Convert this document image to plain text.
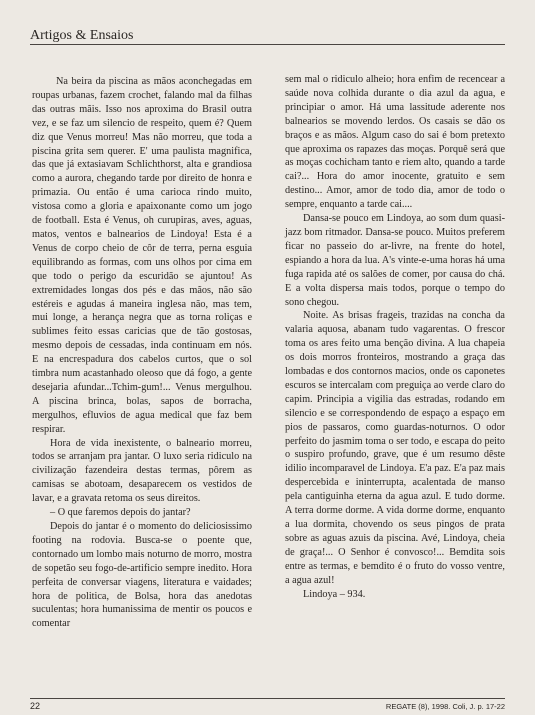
Artigos & Ensaios

Na beira da piscina as mãos aconchegadas em roupas urbanas, fazem crochet, falando mal da filhas das outras mãis. Isso nos aproxima do Brasil outra vez, e se faz um silencio de respeito, quem é? Quem diz que Venus morreu! Mas não morreu, que toda a piscina grita sem querer. E' uma paulista magnifica, das que já extasiavam Schlichthorst, alta e grandiosa como a aurora, chegando tarde por direito de honra e primazia. Ou então é uma carioca rindo muito, vistosa como a gloria e apaixonante como um jogo de football. Esta é Venus, oh curupiras, aves, aguas, matos, ventos e balnearios de Lindoya! Esta é a Venus de corpo cheio de côr de terra, perna esguia equilibrando as formas, com uns olhos por cima em que todo o perigo da escuridão se ajuntou! As extremidades longas dos pés e das mãos, não são estéreis e agudas á maneira inglesa não, mas tem, mui longe, a herança negra que as torna roliças e sublimes feito essas caricias que de tão gostosas, mesmo depois de cessadas, inda continuam em nós. E na encrespadura dos cabelos curtos, que o sol timbra num acastanhado oleoso que dá fogo, a gente desejaria afundar...Tchim-gum!... Venus mergulhou. A piscina brinca, bolas, sapos de borracha, mergulhos, efluvios de agua medical que faz bem respirar.

Hora de vida inexistente, o balneario morreu, todos se arranjam pra jantar. O luxo seria ridiculo na civilização fazendeira destas termas, pôrem as camisas se abotoam, desaparecem os vestidos de lavar, e a gravata retoma os seus direitos.

– O que faremos depois do jantar?

Depois do jantar é o momento do deliciosissimo footing na rodovia. Busca-se o poente que, contornado um lombo mais noturno de morro, mostra de sopetão seu fogo-de-artificio sempre inedito. Hora perfeita de conversar viagens, literatura e vaidades; hora de politica, de Bolsa, hora das anedotas suculentas; hora humanissima de mentir os poucos e comentar

sem mal o ridiculo alheio; hora enfim de recencear a saúde nova colhida durante o dia azul da agua, e principiar o amor. Há uma lassitude aderente nos balnearios se movendo lerdos. Os casais se dão os braços e as mãos. Algum caso do sai é bom pretexto que aproxima os rapazes das moças. Porquê será que as moças cochicham tanto e riem alto, quando a tarde cai?... Hora do amor inocente, gratuito e sem destino... Amor, amor de todo dia, amor de todo o sempre, enquanto a tarde cai....

Dansa-se pouco em Lindoya, ao som dum quasi-jazz bom ritmador. Dansa-se pouco. Muitos preferem ficar no passeio do ar-livre, na frente do hotel, espiando a hora da lua. A's vinte-e-uma horas há uma fuga rapida até os salões de comer, por causa do chá. E a volta dispersa mais todos, porque o tempo do sono chegou.

Noite. As brisas frageis, trazidas na concha da valaria aquosa, abanam tudo vagarentas. O frescor toma os ares feito uma benção divina. A lua chapeia os dois morros fronteiros, mostrando a graça das lombadas e dos contornos macios, onde os caponetes escuros se intercalam com preguiça ao verde claro do capim. Principia a vigilia das estradas, rodando em silencio e se correspondendo de espaço a espaço em pios de passaros, como guardas-noturnos. O odor perfeito do jasmim toma o ser todo, e escapa do peito o suspiro profundo, grave, que é um resumo dêste idilio incomparavel de Lindoya. E'a paz. E'a paz mais despercebida e ininterrupta, acalentada de manso pela cantiguinha eterna da agua azul. E tudo dorme. A terra dorme dorme. A vida dorme dorme, enquanto a lua dormita, chovendo os seus pingos de prata sobre as aguas azuis da piscina. Avé, Lindoya, cheia de graça!... O Senhor é convosco!... Bemdita sois entre as termas, e bemdito é o fruto do vosso ventre, a agua azul!

Lindoya – 934.

22	REGATE (8), 1998. Coli, J. p. 17-22
